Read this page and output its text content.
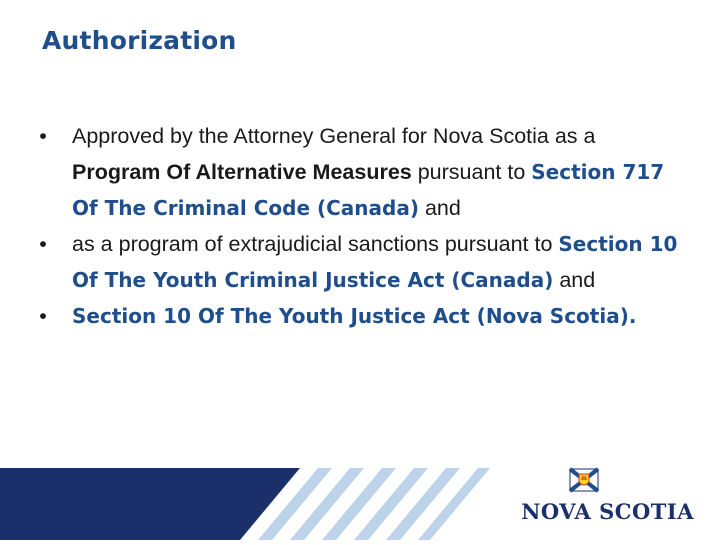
Authorization
•	Approved by the Attorney General for Nova Scotia as a Program Of Alternative Measures pursuant to Section 717 Of The Criminal Code (Canada) and
•	as a program of extrajudicial sanctions pursuant to Section 10 Of The Youth Criminal Justice Act (Canada) and
•	Section 10 Of The Youth Justice Act (Nova Scotia).
NOVA SCOTIA
